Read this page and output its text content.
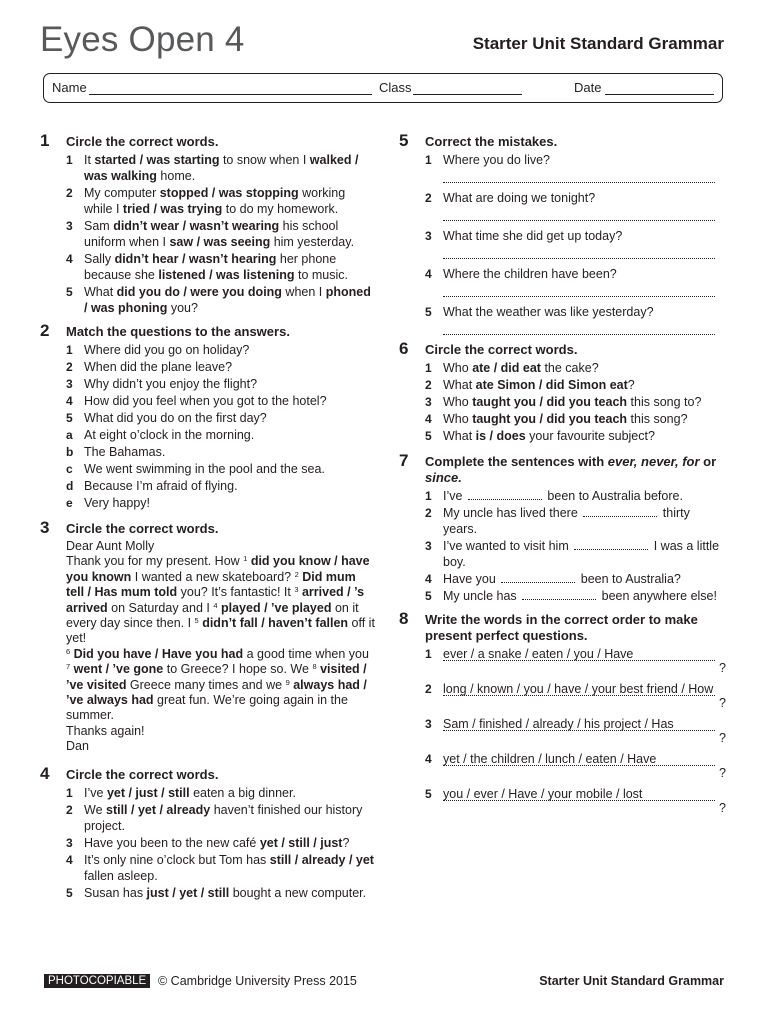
Eyes Open 4	Starter Unit Standard Grammar
Name	Class	Date
1 Circle the correct words.
1 It started / was starting to snow when I walked / was walking home.
2 My computer stopped / was stopping working while I tried / was trying to do my homework.
3 Sam didn’t wear / wasn’t wearing his school uniform when I saw / was seeing him yesterday.
4 Sally didn’t hear / wasn’t hearing her phone because she listened / was listening to music.
5 What did you do / were you doing when I phoned / was phoning you?
2 Match the questions to the answers.
1 Where did you go on holiday?
2 When did the plane leave?
3 Why didn’t you enjoy the flight?
4 How did you feel when you got to the hotel?
5 What did you do on the first day?
a At eight o’clock in the morning.
b The Bahamas.
c We went swimming in the pool and the sea.
d Because I’m afraid of flying.
e Very happy!
3 Circle the correct words.

Dear Aunt Molly

Thank you for my present. How $^1$ did you know / have you known I wanted a new skateboard? $^2$ Did mum tell / Has mum told you? It’s fantastic! It $^3$ arrived / ’s arrived on Saturday and I $^4$ played / ’ve played on it every day since then. I $^5$ didn’t fall / haven’t fallen off it yet!
$^6$ Did you have / Have you had a good time when you $^7$ went / ’ve gone to Greece? I hope so. We $^8$ visited / ’ve visited Greece many times and we $^9$ always had / ’ve always had great fun. We’re going again in the summer.

Thanks again!

Dan

4 Circle the correct words.
1 I’ve yet / just / still eaten a big dinner.
2 We still / yet / already haven’t finished our history project.
3 Have you been to the new café yet / still / just?
4 It’s only nine o’clock but Tom has still / already / yet fallen asleep.
5 Susan has just / yet / still bought a new computer.
5 Correct the mistakes.
1 Where you do live?
2 What are doing we tonight?
3 What time she did get up today?
4 Where the children have been?
5 What the weather was like yesterday?
6 Circle the correct words.
1 Who ate / did eat the cake?
2 What ate Simon / did Simon eat?
3 Who taught you / did you teach this song to?
4 Who taught you / did you teach this song?
5 What is / does your favourite subject?
7 Complete the sentences with ever, never, for or since.
1 I’ve	been to Australia before.
2 My uncle has lived there	thirty years.
3 I’ve wanted to visit him	I was a little boy.
4 Have you	been to Australia?
5 My uncle has	been anywhere else!
8 Write the words in the correct order to make present perfect questions.
1 ever / a snake / eaten / you / Have
?
2 long / known / you / have / your best friend / How
?
3 Sam / finished / already / his project / Has
?
4 yet / the children / lunch / eaten / Have
?
5 you / ever / Have / your mobile / lost
?
PHOTOCOPIABLE © Cambridge University Press 2015	Starter Unit Standard Grammar
